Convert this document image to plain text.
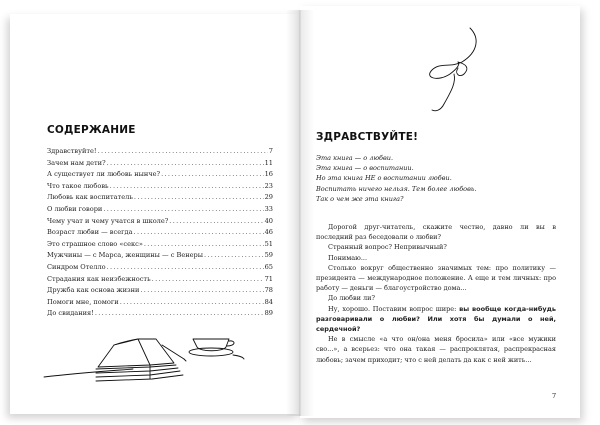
СОДЕРЖАНИЕ
Здравствуйте! . . .	7
Зачем нам дети? . . .	11
А существует ли любовь нынче? . . .	16
Что такое любовь . . .	23
Любовь как воспитатель . . .	29
О любви говори . . .	33
Чему учат и чему учатся в школе? . . .	40
Возраст любви — всегда . . .	46
Это страшное слово «секс» . . .	51
Мужчины — с Марса, женщины — с Венеры . . .	59
Синдром Отелло . . .	65
Страдания как неизбежность . . .	71
Дружба как основа жизни . . .	78
Помоги мне, помоги . . .	84
До свидания! . . .	89
ЗДРАВСТВУЙТЕ!
Эта книга — о любви.
Эта книга — о воспитании.
Но эта книга НЕ о воспитании любви.
Воспитать ничего нельзя. Тем более любовь.
Так о чем же эта книга?

Дорогой друг-читатель, скажите честно, давно ли вы в последний раз беседовали о любви?

Странный вопрос? Непривычный?

Понимаю...

Столько вокруг общественно значимых тем: про политику — президента — международное положение. А еще и тем личных: про работу — деньги — благоустройство дома...

До любви ли?

Ну, хорошо. Поставим вопрос шире: вы вообще когда-нибудь разговаривали о любви? Или хотя бы думали о ней, сердечной?

Не в смысле «а что он/она меня бросила» или «все мужики сво...», а всерьез: что она такая — распроклятая, распрекрасная любовь; зачем приходит; что с ней делать да как с ней жить...

7
